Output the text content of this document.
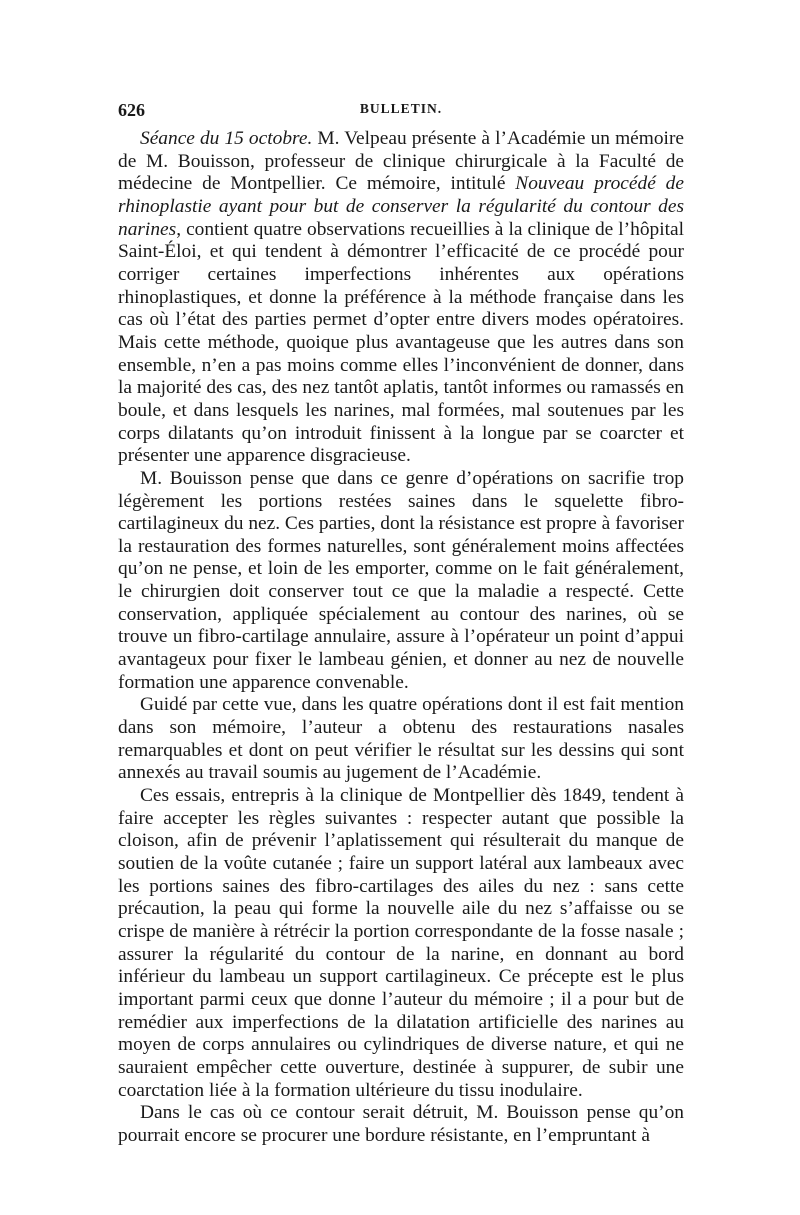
626	BULLETIN.

Séance du 15 octobre. M. Velpeau présente à l’Académie un mémoire de M. Bouisson, professeur de clinique chirurgicale à la Faculté de médecine de Montpellier. Ce mémoire, intitulé Nouveau procédé de rhinoplastie ayant pour but de conserver la régularité du contour des narines, contient quatre observations recueillies à la clinique de l’hôpital Saint-Éloi, et qui tendent à démontrer l’efficacité de ce procédé pour corriger certaines imperfections inhérentes aux opérations rhinoplastiques, et donne la préférence à la méthode française dans les cas où l’état des parties permet d’opter entre divers modes opératoires. Mais cette méthode, quoique plus avantageuse que les autres dans son ensemble, n’en a pas moins comme elles l’inconvénient de donner, dans la majorité des cas, des nez tantôt aplatis, tantôt informes ou ramassés en boule, et dans lesquels les narines, mal formées, mal soutenues par les corps dilatants qu’on introduit finissent à la longue par se coarcter et présenter une apparence disgracieuse.

M. Bouisson pense que dans ce genre d’opérations on sacrifie trop légèrement les portions restées saines dans le squelette fibro-cartilagineux du nez. Ces parties, dont la résistance est propre à favoriser la restauration des formes naturelles, sont généralement moins affectées qu’on ne pense, et loin de les emporter, comme on le fait généralement, le chirurgien doit conserver tout ce que la maladie a respecté. Cette conservation, appliquée spécialement au contour des narines, où se trouve un fibro-cartilage annulaire, assure à l’opérateur un point d’appui avantageux pour fixer le lambeau génien, et donner au nez de nouvelle formation une apparence convenable.

Guidé par cette vue, dans les quatre opérations dont il est fait mention dans son mémoire, l’auteur a obtenu des restaurations nasales remarquables et dont on peut vérifier le résultat sur les dessins qui sont annexés au travail soumis au jugement de l’Académie.

Ces essais, entrepris à la clinique de Montpellier dès 1849, tendent à faire accepter les règles suivantes : respecter autant que possible la cloison, afin de prévenir l’aplatissement qui résulterait du manque de soutien de la voûte cutanée ; faire un support latéral aux lambeaux avec les portions saines des fibro-cartilages des ailes du nez : sans cette précaution, la peau qui forme la nouvelle aile du nez s’affaisse ou se crispe de manière à rétrécir la portion correspondante de la fosse nasale ; assurer la régularité du contour de la narine, en donnant au bord inférieur du lambeau un support cartilagineux. Ce précepte est le plus important parmi ceux que donne l’auteur du mémoire ; il a pour but de remédier aux imperfections de la dilatation artificielle des narines au moyen de corps annulaires ou cylindriques de diverse nature, et qui ne sauraient empêcher cette ouverture, destinée à suppurer, de subir une coarctation liée à la formation ultérieure du tissu inodulaire.

Dans le cas où ce contour serait détruit, M. Bouisson pense qu’on pourrait encore se procurer une bordure résistante, en l’empruntant à
